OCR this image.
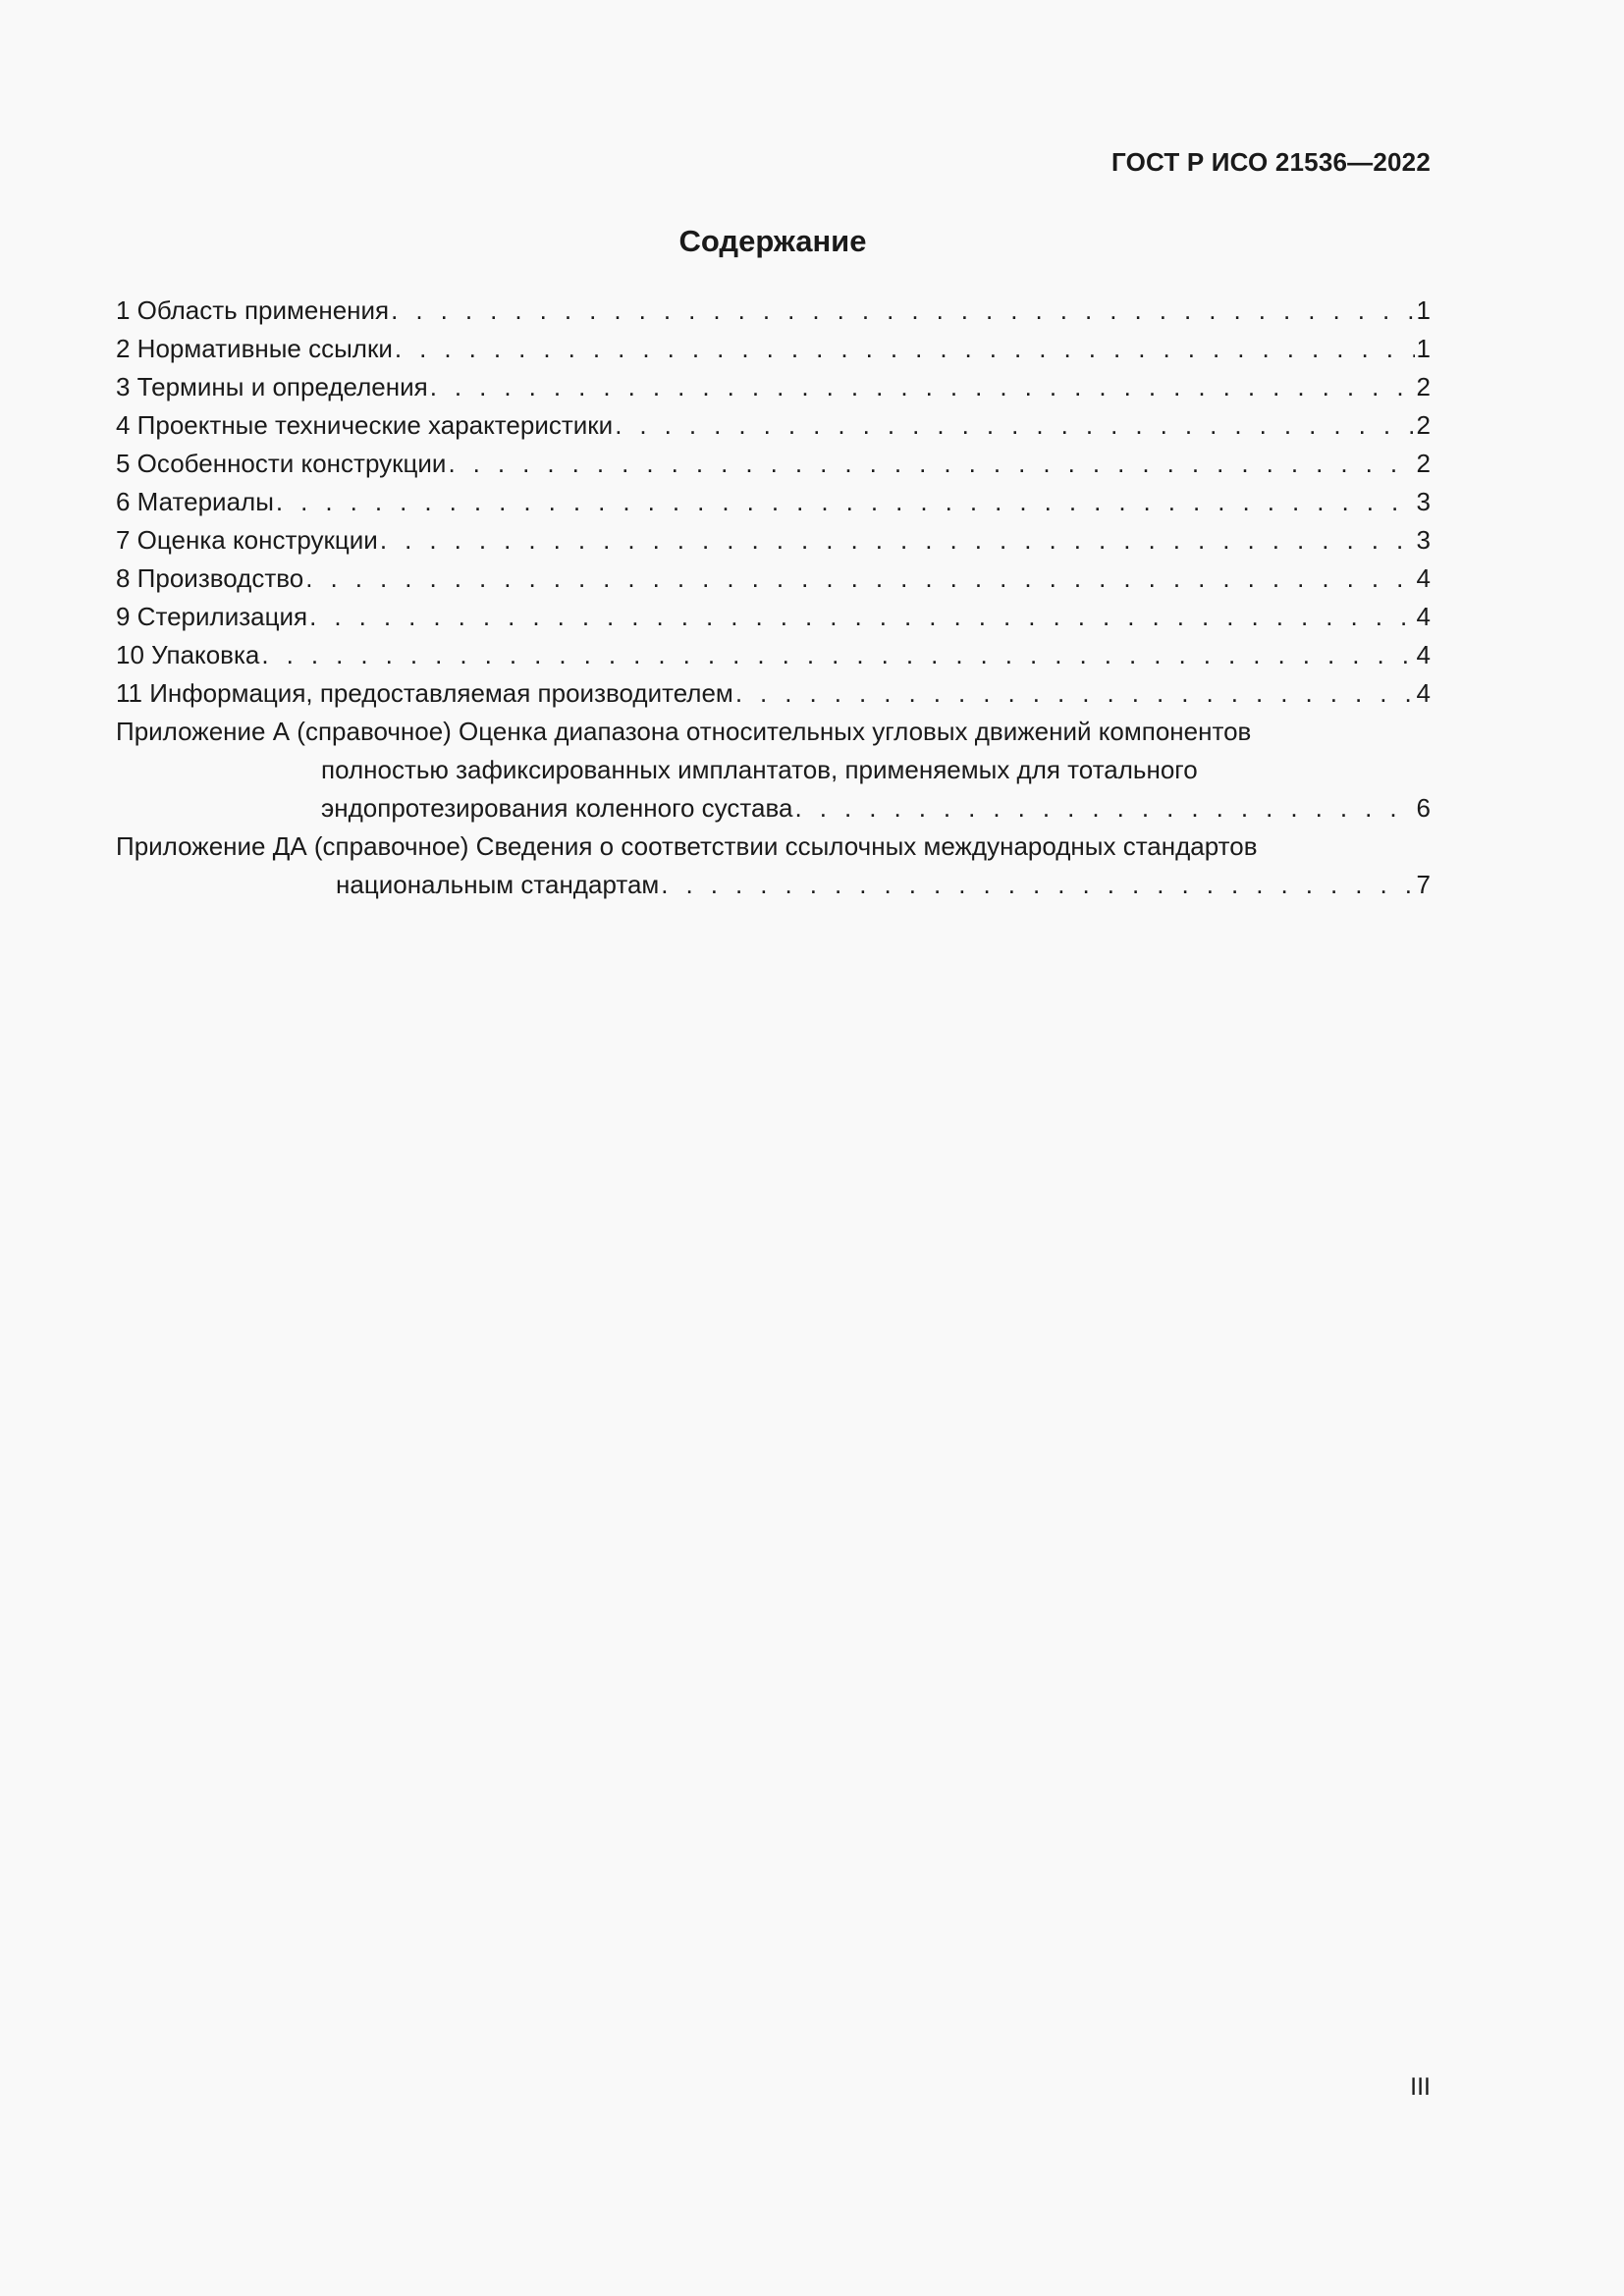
ГОСТ Р ИСО 21536—2022
Содержание
1 Область применения . . .	1
2 Нормативные ссылки . . .	1
3 Термины и определения . . .	2
4 Проектные технические характеристики . . .	2
5 Особенности конструкции . . .	2
6 Материалы . . .	3
7 Оценка конструкции . . .	3
8 Производство . . .	4
9 Стерилизация . . .	4
10 Упаковка . . .	4
11 Информация, предоставляемая производителем . . .	4
Приложение А (справочное) Оценка диапазона относительных угловых движений компонентов
полностью зафиксированных имплантатов, применяемых для тотального
эндопротезирования коленного сустава . . .	6
Приложение ДА (справочное) Сведения о соответствии ссылочных международных стандартов
национальным стандартам . . .	7
III
